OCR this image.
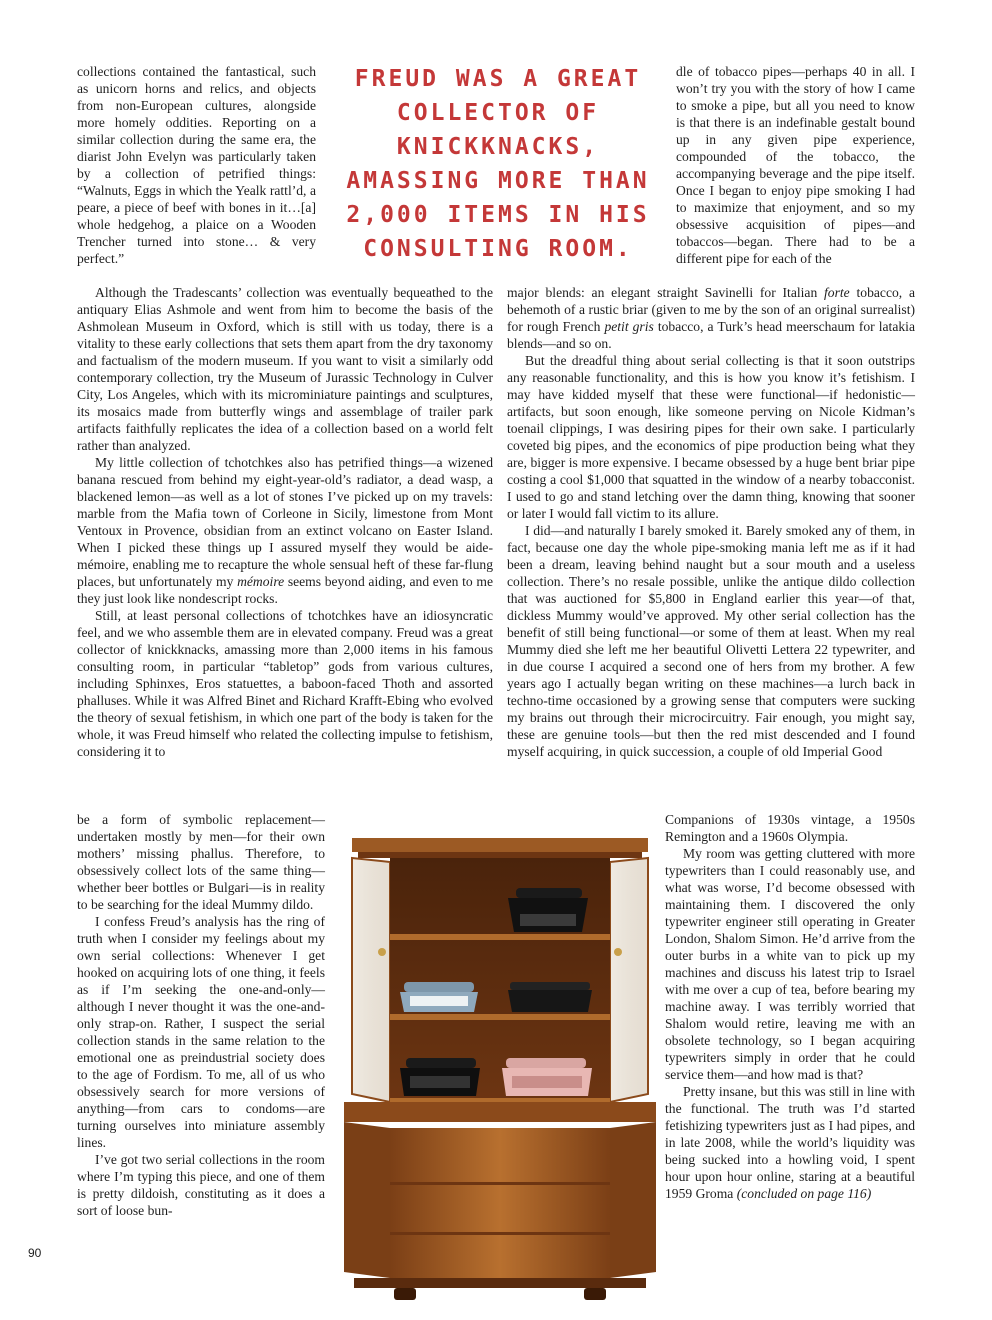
collections contained the fantastical, such as unicorn horns and relics, and objects from non-European cultures, alongside more homely oddities. Reporting on a similar collection during the same era, the diarist John Evelyn was particularly taken by a collection of petrified things: “Walnuts, Eggs in which the Yealk rattl’d, a peare, a piece of beef with bones in it…[a] whole hedgehog, a plaice on a Wooden Trencher turned into stone… & very perfect.”

FREUD WAS A GREAT COLLECTOR OF KNICKKNACKS, AMASSING MORE THAN 2,000 ITEMS IN HIS CONSULTING ROOM.

dle of tobacco pipes—perhaps 40 in all. I won’t try you with the story of how I came to smoke a pipe, but all you need to know is that there is an indefinable gestalt bound up in any given pipe experience, compounded of the tobacco, the accompanying beverage and the pipe itself. Once I began to enjoy pipe smoking I had to maximize that enjoyment, and so my obsessive acquisition of pipes—and tobaccos—began. There had to be a different pipe for each of the

Although the Tradescants’ collection was eventually bequeathed to the antiquary Elias Ashmole and went from him to become the basis of the Ashmolean Museum in Oxford, which is still with us today, there is a vitality to these early collections that sets them apart from the dry taxonomy and factualism of the modern museum. If you want to visit a similarly odd contemporary collection, try the Museum of Jurassic Technology in Culver City, Los Angeles, which with its microminiature paintings and sculptures, its mosaics made from butterfly wings and assemblage of trailer park artifacts faithfully replicates the idea of a collection based on a world felt rather than analyzed.

My little collection of tchotchkes also has petrified things—a wizened banana rescued from behind my eight-year-old’s radiator, a dead wasp, a blackened lemon—as well as a lot of stones I’ve picked up on my travels: marble from the Mafia town of Corleone in Sicily, limestone from Mont Ventoux in Provence, obsidian from an extinct volcano on Easter Island. When I picked these things up I assured myself they would be aide-mémoire, enabling me to recapture the whole sensual heft of these far-flung places, but unfortunately my mémoire seems beyond aiding, and even to me they just look like nondescript rocks.

Still, at least personal collections of tchotchkes have an idiosyncratic feel, and we who assemble them are in elevated company. Freud was a great collector of knickknacks, amassing more than 2,000 items in his famous consulting room, in particular “tabletop” gods from various cultures, including Sphinxes, Eros statuettes, a baboon-faced Thoth and assorted phalluses. While it was Alfred Binet and Richard Krafft-Ebing who evolved the theory of sexual fetishism, in which one part of the body is taken for the whole, it was Freud himself who related the collecting impulse to fetishism, considering it to

major blends: an elegant straight Savinelli for Italian forte tobacco, a behemoth of a rustic briar (given to me by the son of an original surrealist) for rough French petit gris tobacco, a Turk’s head meerschaum for latakia blends—and so on.

But the dreadful thing about serial collecting is that it soon outstrips any reasonable functionality, and this is how you know it’s fetishism. I may have kidded myself that these were functional—if hedonistic—artifacts, but soon enough, like someone perving on Nicole Kidman’s toenail clippings, I was desiring pipes for their own sake. I particularly coveted big pipes, and the economics of pipe production being what they are, bigger is more expensive. I became obsessed by a huge bent briar pipe costing a cool $1,000 that squatted in the window of a nearby tobacconist. I used to go and stand letching over the damn thing, knowing that sooner or later I would fall victim to its allure.

I did—and naturally I barely smoked it. Barely smoked any of them, in fact, because one day the whole pipe-smoking mania left me as if it had been a dream, leaving behind naught but a sour mouth and a useless collection. There’s no resale possible, unlike the antique dildo collection that was auctioned for $5,800 in England earlier this year—of that, dickless Mummy would’ve approved. My other serial collection has the benefit of still being functional—or some of them at least. When my real Mummy died she left me her beautiful Olivetti Lettera 22 typewriter, and in due course I acquired a second one of hers from my brother. A few years ago I actually began writing on these machines—a lurch back in techno-time occasioned by a growing sense that computers were sucking my brains out through their microcircuitry. Fair enough, you might say, these are genuine tools—but then the red mist descended and I found myself acquiring, in quick succession, a couple of old Imperial Good

be a form of symbolic replacement—undertaken mostly by men—for their own mothers’ missing phallus. Therefore, to obsessively collect lots of the same thing—whether beer bottles or Bulgari—is in reality to be searching for the ideal Mummy dildo.

I confess Freud’s analysis has the ring of truth when I consider my feelings about my own serial collections: Whenever I get hooked on acquiring lots of one thing, it feels as if I’m seeking the one-and-only—although I never thought it was the one-and-only strap-on. Rather, I suspect the serial collection stands in the same relation to the emotional one as preindustrial society does to the age of Fordism. To me, all of us who obsessively search for more versions of anything—from cars to condoms—are turning ourselves into miniature assembly lines.

I’ve got two serial collections in the room where I’m typing this piece, and one of them is pretty dildoish, constituting as it does a sort of loose bun-

Companions of 1930s vintage, a 1950s Remington and a 1960s Olympia.

My room was getting cluttered with more typewriters than I could reasonably use, and what was worse, I’d become obsessed with maintaining them. I discovered the only typewriter engineer still operating in Greater London, Shalom Simon. He’d arrive from the outer burbs in a white van to pick up my machines and discuss his latest trip to Israel with me over a cup of tea, before bearing my machine away. I was terribly worried that Shalom would retire, leaving me with an obsolete technology, so I began acquiring typewriters simply in order that he could service them—and how mad is that?

Pretty insane, but this was still in line with the functional. The truth was I’d started fetishizing typewriters just as I had pipes, and in late 2008, while the world’s liquidity was being sucked into a howling void, I spent hour upon hour online, staring at a beautiful 1959 Groma (concluded on page 116)

90
